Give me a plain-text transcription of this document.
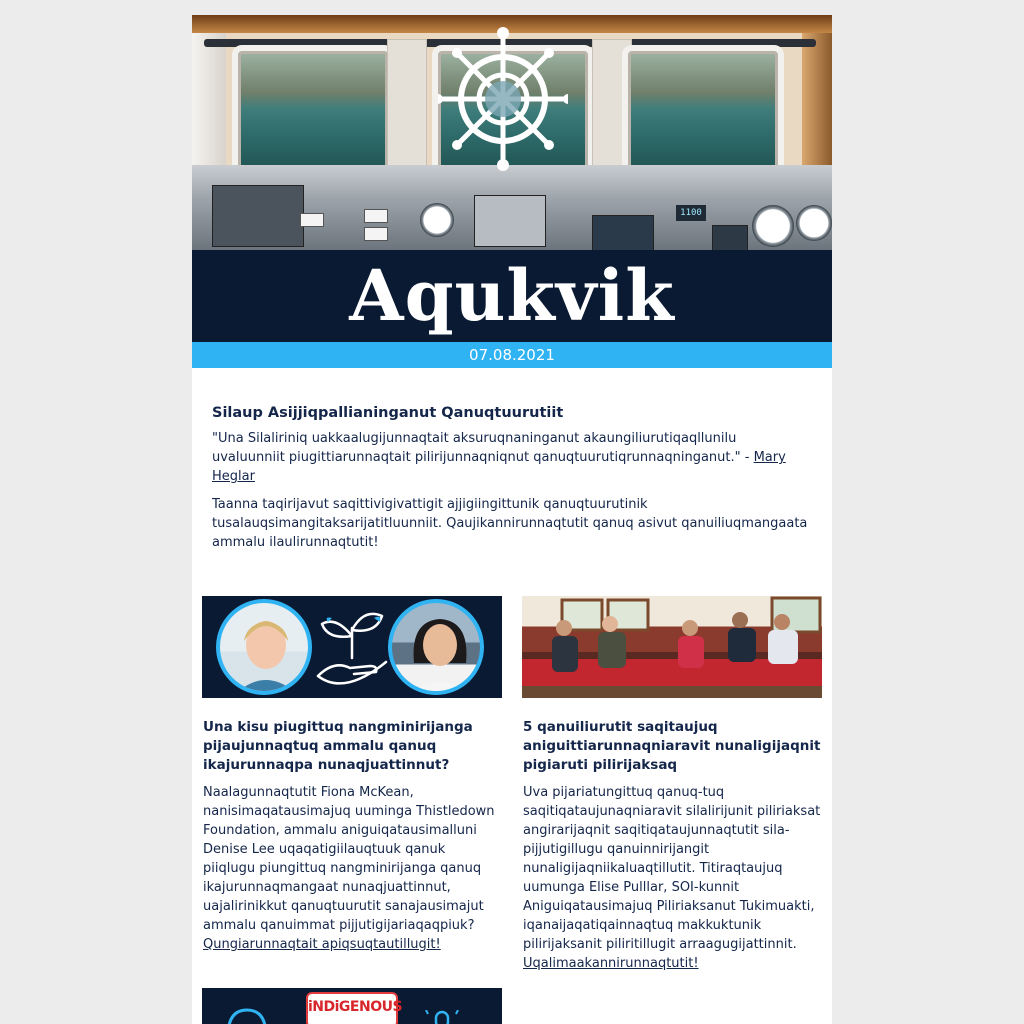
1100
Aqukvik
07.08.2021
Silaup Asijjiqpallianinganut Qanuqtuurutiit

"Una Silaliriniq uakkaalugijunnaqtait aksuruqnaninganut akaungiliurutiqaqllunilu uvaluunniit piugittiarunnaqtait pilirijunnaqniqnut qanuqtuurutiqrunnaqninganut." - Mary Heglar

Taanna taqirijavut saqittivigivattigit ajjigiingittunik qanuqtuurutinik tusalauqsimangitaksarijatitluunniit. Qaujikannirunnaqtutit qanuq asivut qanuiliuqmangaata ammalu ilaulirunnaqtutit!

Una kisu piugittuq nangminirijanga pijaujunnaqtuq ammalu qanuq ikajurunnaqpa nunaqjuattinnut?

Naalagunnaqtutit Fiona McKean, nanisimaqatausimajuq uuminga Thistledown Foundation, ammalu aniguiqatausimalluni Denise Lee uqaqatigiilauqtuuk qanuk piiqlugu piungittuq nangminirijanga qanuq ikajurunnaqmangaat nunaqjuattinnut, uajalirinikkut qanuqtuurutit sanajausimajut ammalu qanuimmat pijjutigijariaqaqpiuk?
Qungiarunnaqtait apiqsuqtautillugit!

5 qanuiliurutit saqitaujuq aniguittiarunnaqniaravit nunaligijaqnit pigiaruti pilirijaksaq

Uva pijariatungittuq qanuq-tuq saqitiqataujunaqniaravit silalirijunit piliriaksat angirarijaqnit saqitiqataujunnaqtutit sila-pijjutigillugu qanuinnirijangit nunaligijaqniikaluaqtillutit. Titiraqtaujuq uumunga Elise Pulllar, SOI-kunnit Aniguiqatausimajuq Piliriaksanut Tukimuakti, iqanaijaqatiqainnaqtuq makkuktunik pilirijaksanit piliritillugit arraagugijattinnit.
Uqalimaakannirunnaqtutit!

iNDiGENOUS
